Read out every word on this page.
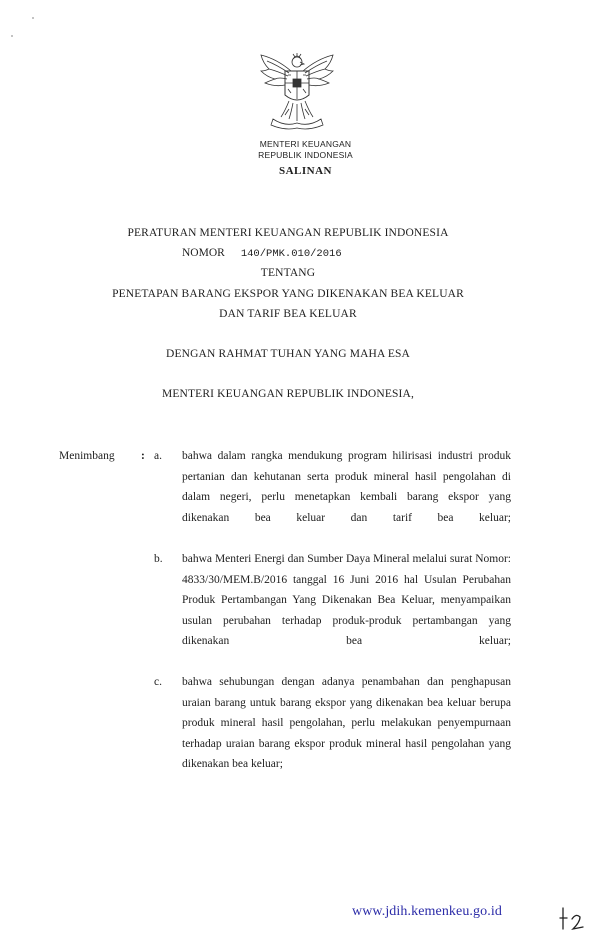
MENTERI KEUANGAN
REPUBLIK INDONESIA
SALINAN
PERATURAN MENTERI KEUANGAN REPUBLIK INDONESIA
NOMOR 140/PMK.010/2016
TENTANG
PENETAPAN BARANG EKSPOR YANG DIKENAKAN BEA KELUAR
DAN TARIF BEA KELUAR
DENGAN RAHMAT TUHAN YANG MAHA ESA
MENTERI KEUANGAN REPUBLIK INDONESIA,
Menimbang : a. bahwa dalam rangka mendukung program hilirisasi industri produk pertanian dan kehutanan serta produk mineral hasil pengolahan di dalam negeri, perlu menetapkan kembali barang ekspor yang dikenakan bea keluar dan tarif bea keluar;
b. bahwa Menteri Energi dan Sumber Daya Mineral melalui surat Nomor: 4833/30/MEM.B/2016 tanggal 16 Juni 2016 hal Usulan Perubahan Produk Pertambangan Yang Dikenakan Bea Keluar, menyampaikan usulan perubahan terhadap produk-produk pertambangan yang dikenakan bea keluar;
c. bahwa sehubungan dengan adanya penambahan dan penghapusan uraian barang untuk barang ekspor yang dikenakan bea keluar berupa produk mineral hasil pengolahan, perlu melakukan penyempurnaan terhadap uraian barang ekspor produk mineral hasil pengolahan yang dikenakan bea keluar;
www.jdih.kemenkeu.go.id
